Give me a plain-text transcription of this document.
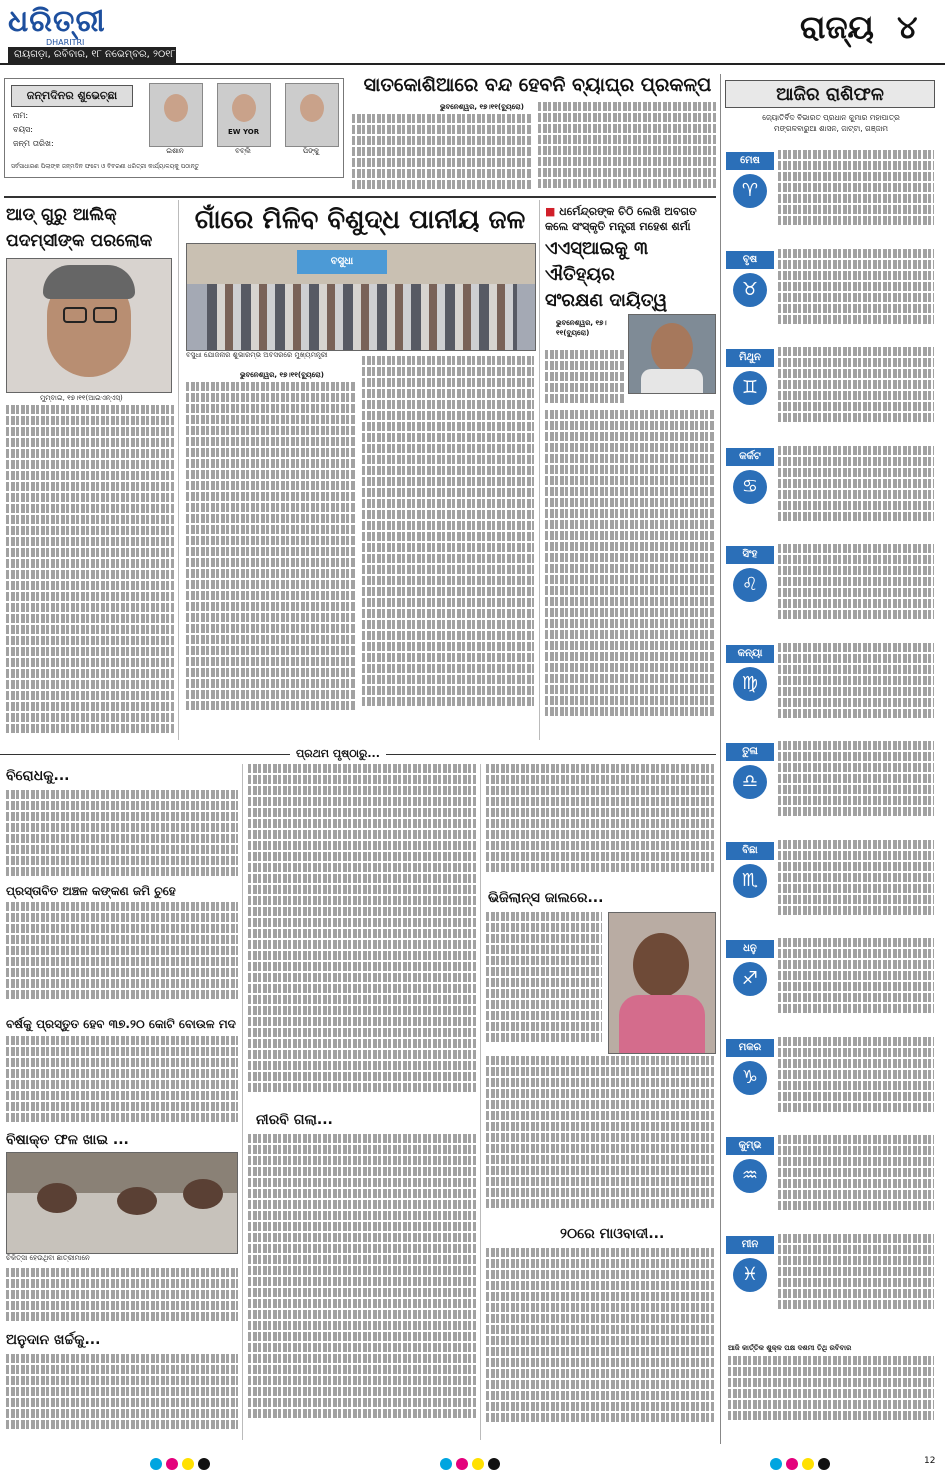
ଧରିତ୍ରୀ
DHARITRI
ରାୟଗଡ଼ା, ରବିବାର, ୧୮ ନଭେମ୍ବର, ୨୦୧୮
ରାଜ୍ୟ ୪
ଜନ୍ମଦିନର ଶୁଭେଚ୍ଛା
ନାମ:
ବୟସ:
ଜନ୍ମ ତାରିଖ:
EW YOR
ଇଶାନ	ବବ୍ଲି	ପିଙ୍କୁ
ସର୍ବସାଧାରଣ ପିଲାଙ୍କ ଜନ୍ମଦିନ ଫଟୋ ଓ ବିବରଣୀ ଧରିତ୍ରୀ କାର୍ଯ୍ୟାଳୟକୁ ପଠାନ୍ତୁ
ସାତକୋଶିଆରେ ବନ୍ଦ ହେବନି ବ୍ୟାଘ୍ର ପ୍ରକଳ୍ପ
ଭୁବନେଶ୍ୱର, ୧୭।୧୧(ବ୍ୟୁରୋ)
ଆଡ୍ ଗୁରୁ ଆଲିକ୍
ପଦମ୍‌ସୀଙ୍କ ପରଲୋକ
ମୁମ୍ବାଇ, ୧୭।୧୧(ଆଇଏନ୍‌ଏସ୍)
ଗାଁରେ ମିଳିବ ବିଶୁଦ୍ଧ ପାନୀୟ ଜଳ
ବସୁଧା
ବସୁଧା ଯୋଜନାର ଶୁଭାରମ୍ଭ ଅବସରରେ ମୁଖ୍ୟମନ୍ତ୍ରୀ
ଭୁବନେଶ୍ୱର, ୧୭।୧୧(ବ୍ୟୁରୋ)
■ ଧର୍ମେନ୍ଦ୍ରଙ୍କ ଚିଠି ଲେଖି ଅବଗତ
କଲେ ସଂସ୍କୃତି ମନ୍ତ୍ରୀ ମହେଶ ଶର୍ମା
ଏଏସ୍‌ଆଇକୁ ୩ ଐତିହ୍ୟର
ସଂରକ୍ଷଣ ଦାୟିତ୍ୱ
ଭୁବନେଶ୍ୱର, ୧୭।୧୧(ବ୍ୟୁରୋ)
ପ୍ରଥମ ପୃଷ୍ଠାରୁ...
ବିରୋଧକୁ...
ପ୍ରସ୍ତାବିତ ଅଞ୍ଚଳ କଙ୍କଣ ଜମି ଚୁହେ
ବର୍ଷକୁ ପ୍ରସ୍ତୁତ ହେବ ୩୭.୨୦ କୋଟି ବୋଉଳ ମଦ
ବିଷାକ୍ତ ଫଳ ଖାଇ ...
ଚିକିତ୍ସା ହେଉଥିବା ଛାତ୍ରୀମାନେ
ଅନୁଦାନ ଖର୍ଚ୍ଚକୁ...
ନୀରବି ଗଲା...
ଭିଜିଲାନ୍ସ ଜାଲରେ...
୨୦ରେ ମାଓବାଦୀ...
ଆଜିର ରାଶିଫଳ
ଜ୍ୟୋତିର୍ବିଦ ବିଭାରତ ପ୍ରଧାନ କୁମାର ମହାପାତ୍ର
ମଙ୍ଗଳବାରୁଆ ଶାସନ, ଜାଟ୍ଟା, ଗଞ୍ଜାମ
ଆଜି କାର୍ତ୍ତିକ ଶୁକ୍ଳ ପକ୍ଷ ଦଶମୀ ତିଥି ରବିବାର
12
ମେଷ
♈
ବୃଷ
♉
ମିଥୁନ
♊
କର୍କଟ
♋
ସିଂହ
♌
କନ୍ୟା
♍
ତୁଳା
♎
ବିଛା
♏
ଧନୁ
♐
ମକର
♑
କୁମ୍ଭ
♒
ମୀନ
♓
